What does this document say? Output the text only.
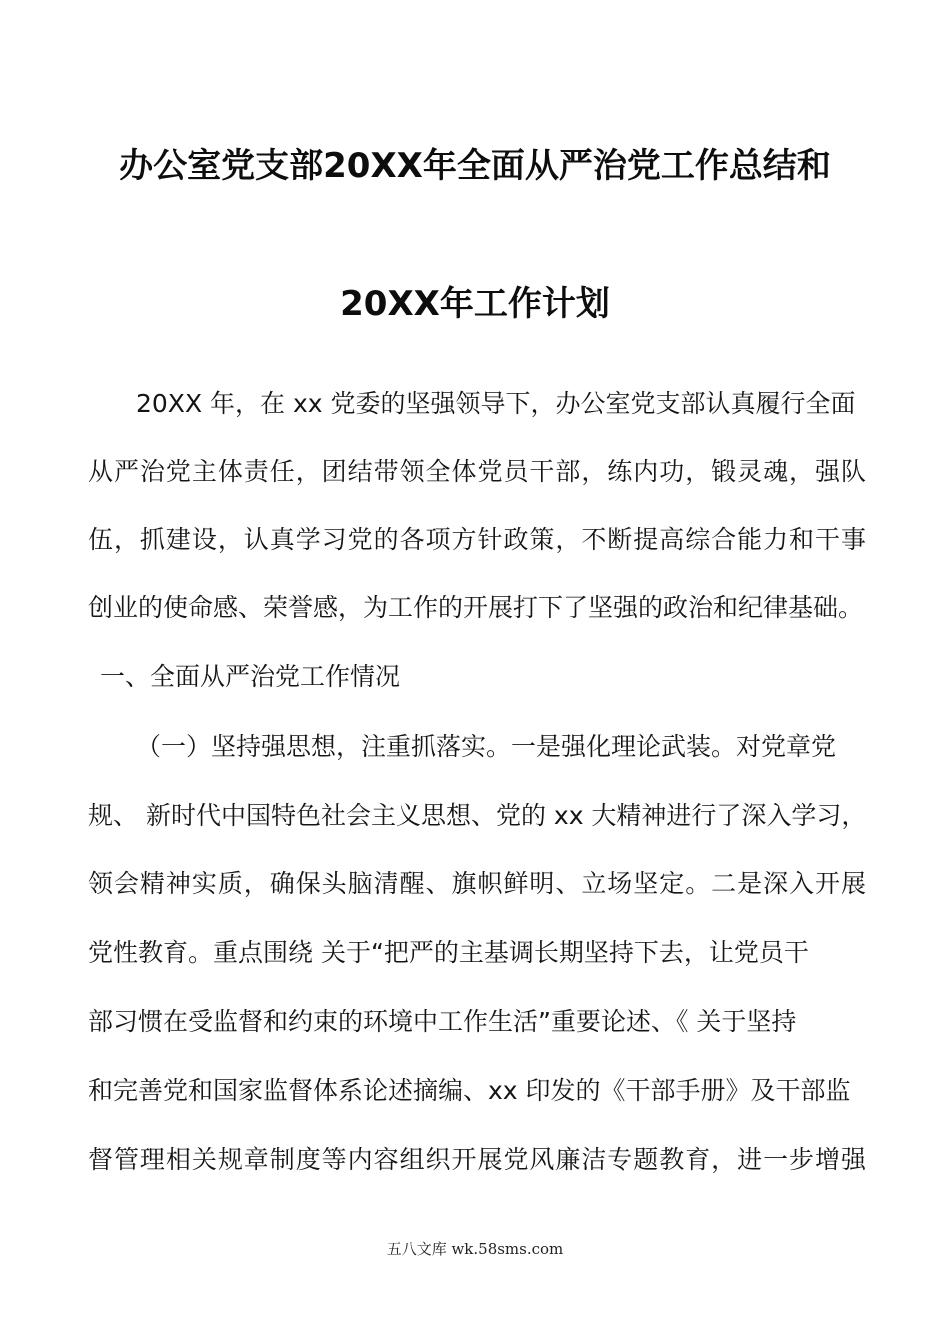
办公室党支部20XX年全面从严治党工作总结和
20XX年工作计划
20XX 年，在 xx 党委的坚强领导下，办公室党支部认真履行全面
从严治党主体责任，团结带领全体党员干部，练内功，锻灵魂，强队
伍，抓建设，认真学习党的各项方针政策，不断提高综合能力和干事
创业的使命感、荣誉感，为工作的开展打下了坚强的政治和纪律基础。
一、全面从严治党工作情况
（一）坚持强思想，注重抓落实。一是强化理论武装。对党章党
规、 新时代中国特色社会主义思想、党的 xx 大精神进行了深入学习，
领会精神实质，确保头脑清醒、旗帜鲜明、立场坚定。二是深入开展
党性教育。重点围绕 关于“把严的主基调长期坚持下去，让党员干
部习惯在受监督和约束的环境中工作生活”重要论述、《 关于坚持
和完善党和国家监督体系论述摘编、xx 印发的《干部手册》及干部监
督管理相关规章制度等内容组织开展党风廉洁专题教育，进一步增强
五八文库 wk.58sms.com
